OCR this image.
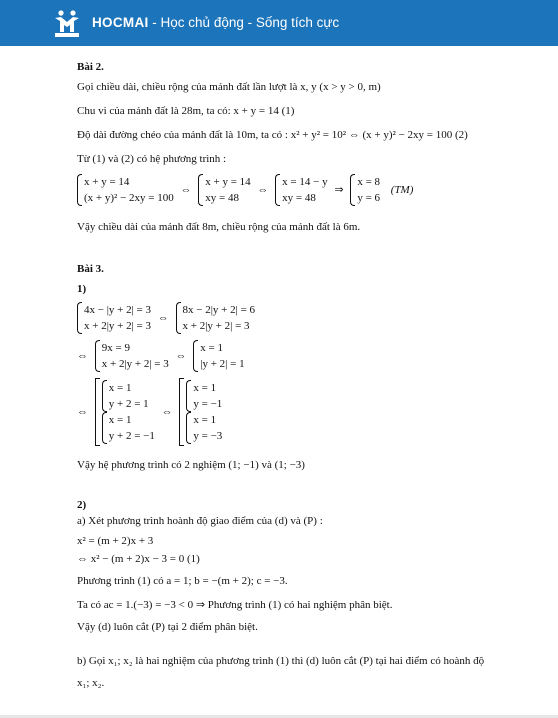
HOCMAI - Học chủ động - Sống tích cực
Bài 2.
Gọi chiều dài, chiều rộng của mảnh đất lần lượt là x, y (x > y > 0, m)
Chu vi của mảnh đất là 28m, ta có: x + y = 14 (1)
Độ dài đường chéo của mảnh đất là 10m, ta có : x² + y² = 10² ⇔ (x + y)² − 2xy = 100 (2)
Từ (1) và (2) có hệ phương trình :
x + y = 14
(x + y)² − 2xy = 100
⇔
x + y = 14
xy = 48
⇔
x = 14 − y
xy = 48
⇒
x = 8
y = 6
(TM)
Vậy chiều dài của mảnh đất 8m, chiều rộng của mảnh đất là 6m.
Bài 3.
1)
4x − |y + 2| = 3
x + 2|y + 2| = 3
⇔
8x − 2|y + 2| = 6
x + 2|y + 2| = 3
⇔
9x = 9
x + 2|y + 2| = 3
⇔
x = 1
|y + 2| = 1
⇔
x = 1
y + 2 = 1
x = 1
y + 2 = −1
⇔
x = 1
y = −1
x = 1
y = −3
Vậy hệ phương trình có 2 nghiệm (1; −1) và (1; −3)
2)
a) Xét phương trình hoành độ giao điểm của (d) và (P) :
x² = (m + 2)x + 3
⇔ x² − (m + 2)x − 3 = 0 (1)
Phương trình (1) có a = 1; b = −(m + 2); c = −3.
Ta có ac = 1.(−3) = −3 < 0 ⇒ Phương trình (1) có hai nghiệm phân biệt.
Vậy (d) luôn cắt (P) tại 2 điểm phân biệt.
b) Gọi x₁; x₂ là hai nghiệm của phương trình (1) thì (d) luôn cắt (P) tại hai điểm có hoành độ
x₁; x₂.
